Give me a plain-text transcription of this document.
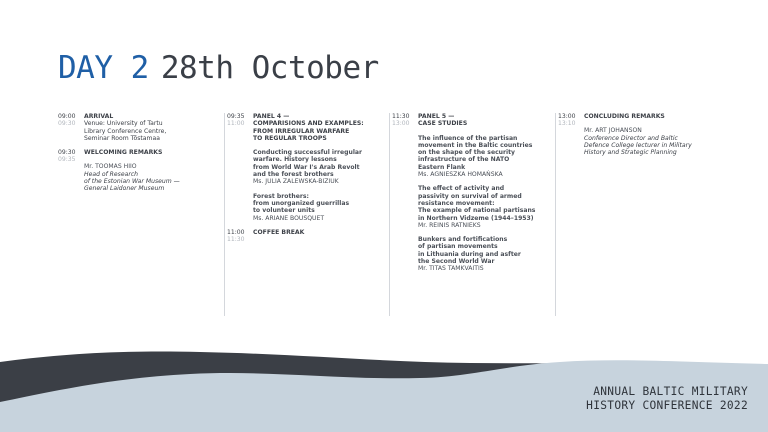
DAY 2 28th October
09:00
09:30
ARRIVAL
Venue: University of Tartu
Library Conference Centre,
Seminar Room Tõstamaa
09:30
09:35
WELCOMING REMARKS
Mr. TOOMAS HIIO
Head of Research
of the Estonian War Museum —
General Laidoner Museum
09:35
11:00
PANEL 4 —
COMPARISIONS AND EXAMPLES:
FROM IRREGULAR WARFARE
TO REGULAR TROOPS
Conducting successful irregular
warfare. History lessons
from World War I's Arab Revolt
and the forest brothers
Ms. JULIA ZALEWSKA-BIZIUK
Forest brothers:
from unorganized guerrillas
to volunteer units
Ms. ARIANE BOUSQUET
11:00
11:30
COFFEE BREAK
11:30
13:00
PANEL 5 —
CASE STUDIES
The influence of the partisan
movement in the Baltic countries
on the shape of the security
infrastructure of the NATO
Eastern Flank
Ms. AGNIESZKA HOMAŃSKA
The effect of activity and
passivity on survival of armed
resistance movement:
The example of national partisans
in Northern Vidzeme (1944–1953)
Mr. REINIS RATNIEKS
Bunkers and fortifications
of partisan movements
in Lithuania during and asfter
the Second World War
Mr. TITAS TAMKVAITIS
13:00
13:10
CONCLUDING REMARKS
Mr. ART JOHANSON
Conference Director and Baltic
Defence College lecturer in Military
History and Strategic Planning
ANNUAL BALTIC MILITARY
HISTORY CONFERENCE 2022
